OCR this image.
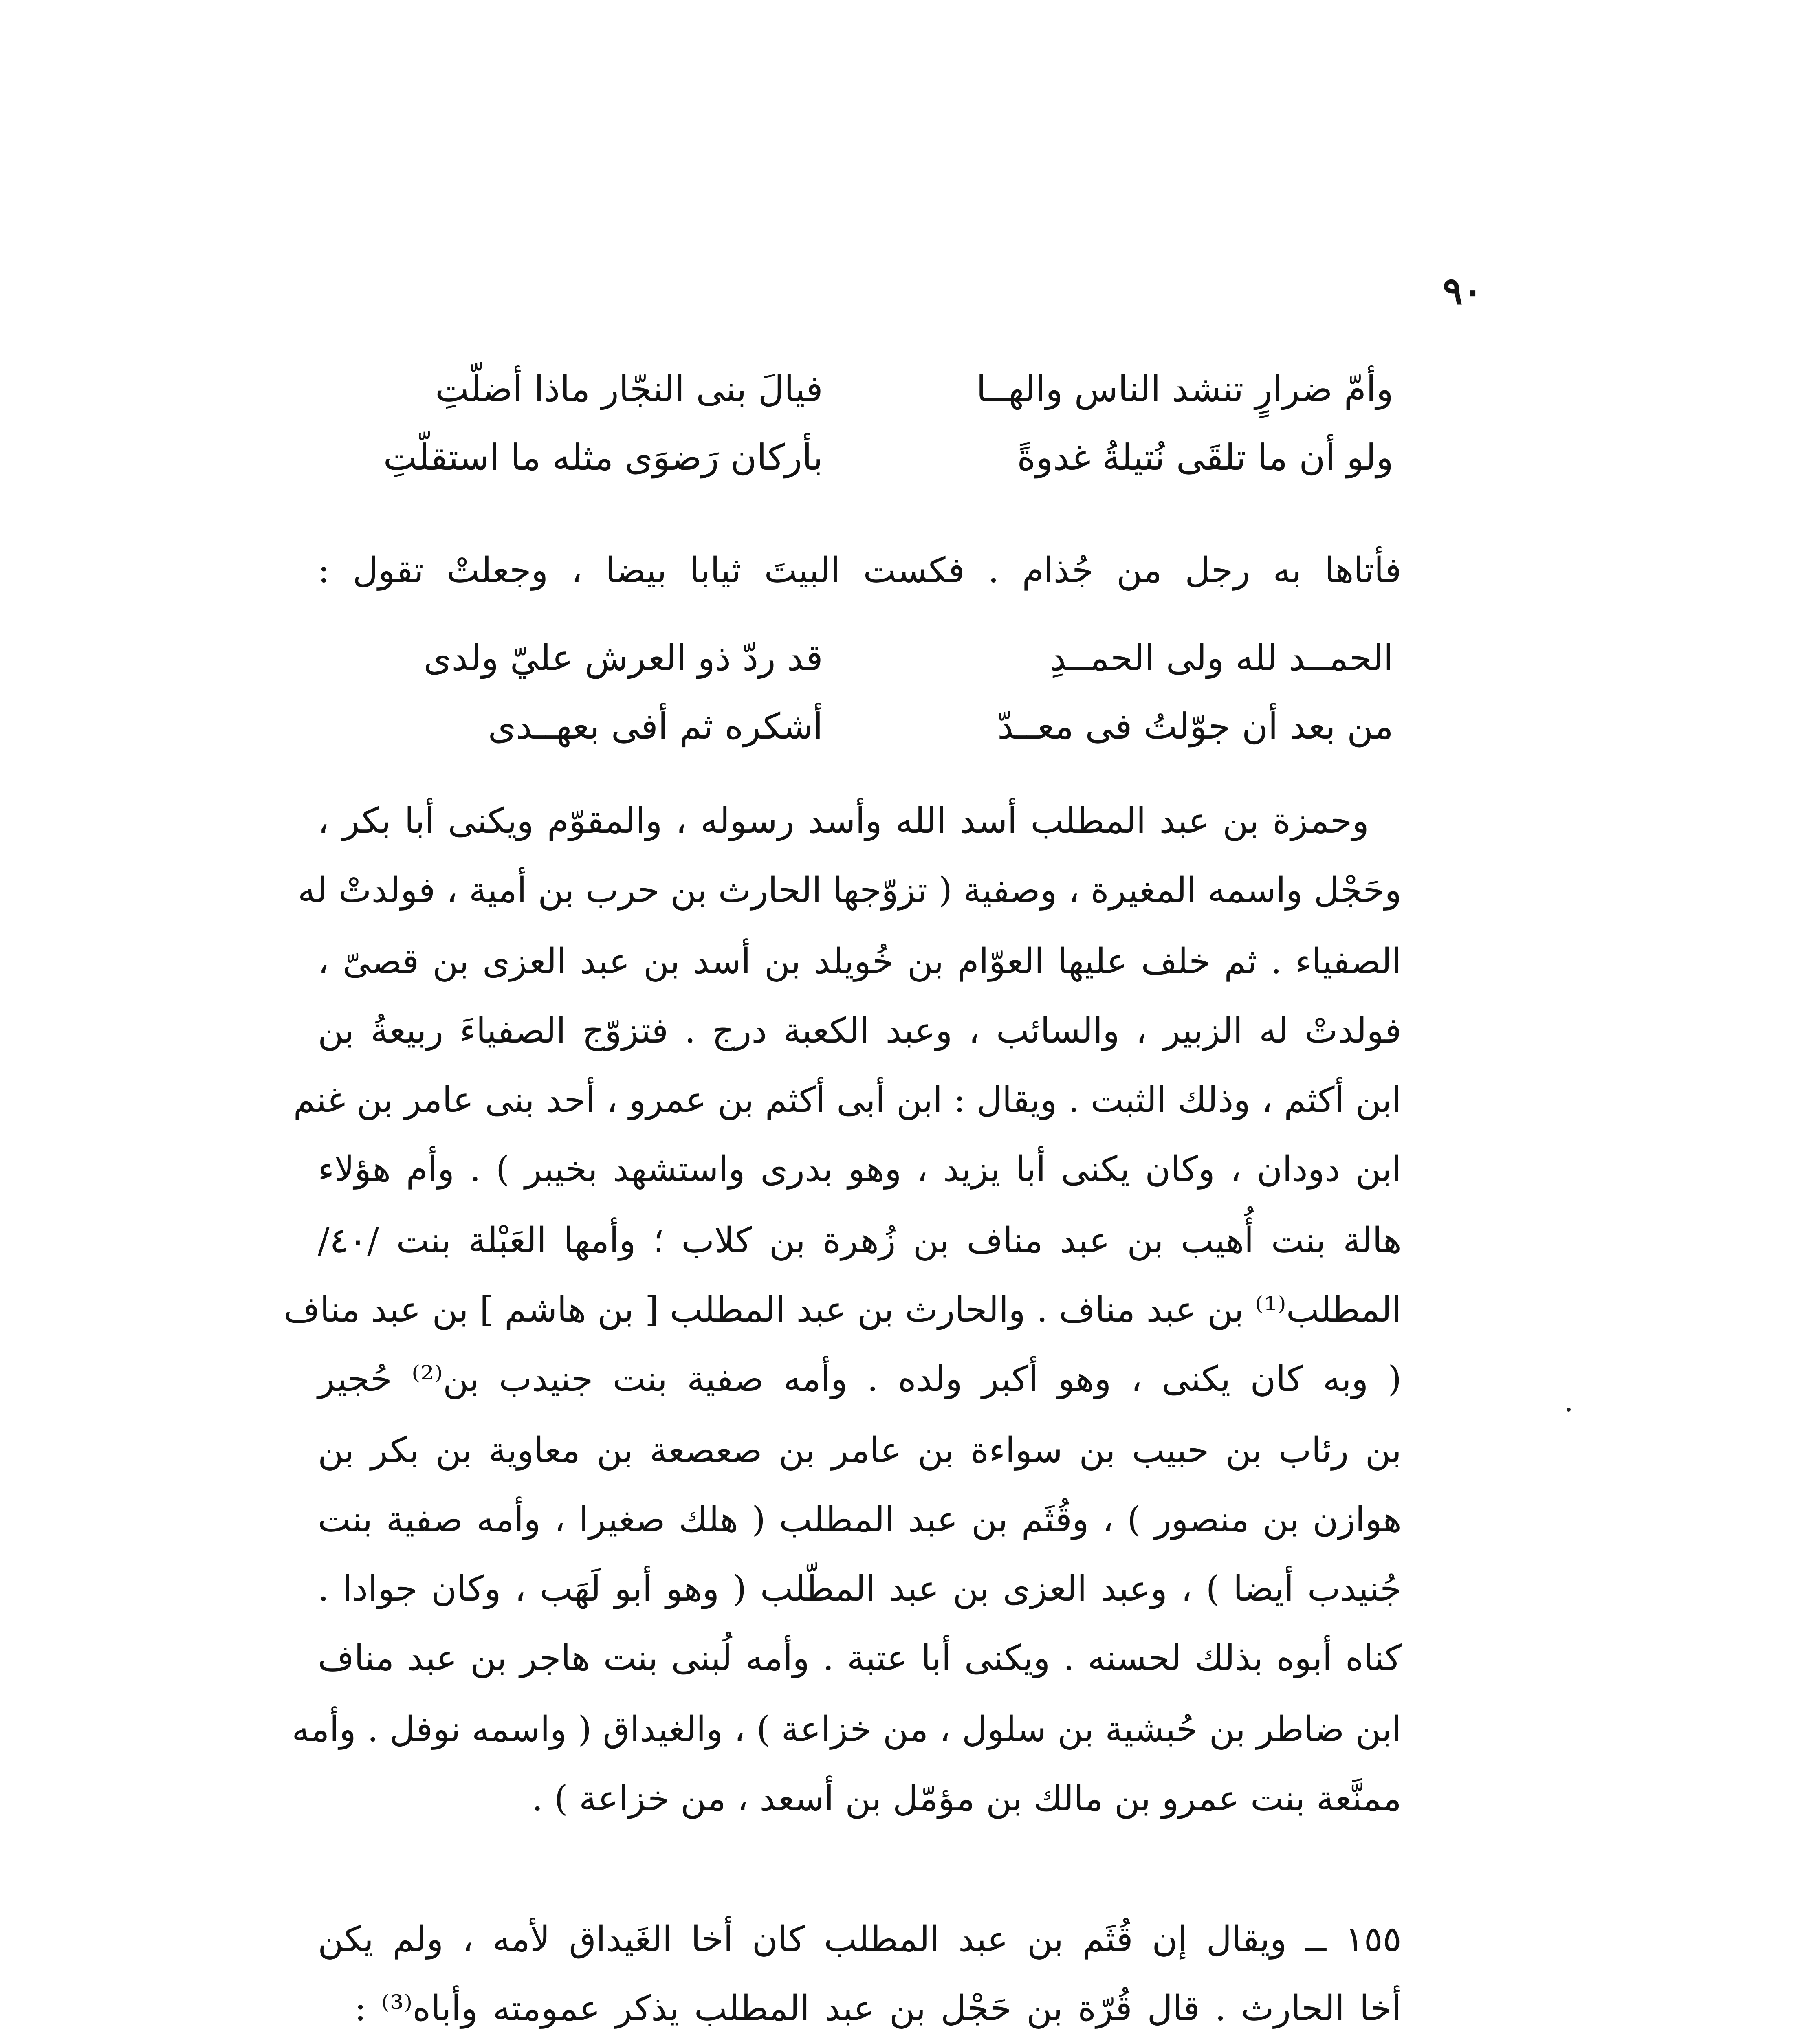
٩٠
وأمّ ضرارٍ تنشد الناس والهــا
فيالَ بنى النجّار ماذا أضلّتِ
ولو أن ما تلقَى نُتيلةُ غدوةً
بأركان رَضوَى مثله ما استقلّتِ
فأتاها به رجل من جُذام . فكست البيتَ ثيابا بيضا ، وجعلتْ تقول :
الحمــد لله ولى الحمــدِ
قد ردّ ذو العرش عليّ ولدى
من بعد أن جوّلتُ فى معــدّ
أشكره ثم أفى بعهــدى
وحمزة بن عبد المطلب أسد الله وأسد رسوله ، والمقوّم ويكنى أبا بكر ،
وحَجْل واسمه المغيرة ، وصفية ( تزوّجها الحارث بن حرب بن أمية ، فولدتْ له
الصفياء . ثم خلف عليها العوّام بن خُويلد بن أسد بن عبد العزى بن قصىّ ،
فولدتْ له الزبير ، والسائب ، وعبد الكعبة درج . فتزوّج الصفياءَ ربيعةُ بن
ابن أكثم ، وذلك الثبت . ويقال : ابن أبى أكثم بن عمرو ، أحد بنى عامر بن غنم
ابن دودان ، وكان يكنى أبا يزيد ، وهو بدرى واستشهد بخيبر ) . وأم هؤلاء
هالة بنت أُهيب بن عبد مناف بن زُهرة بن كلاب ؛ وأمها العَبْلة بنت /٤٠/
المطلب⁽¹⁾ بن عبد مناف . والحارث بن عبد المطلب [ بن هاشم ] بن عبد مناف
( وبه كان يكنى ، وهو أكبر ولده . وأمه صفية بنت جنيدب بن⁽²⁾ حُجير
بن رئاب بن حبيب بن سواءة بن عامر بن صعصعة بن معاوية بن بكر بن
هوازن بن منصور ) ، وقُثَم بن عبد المطلب ( هلك صغيرا ، وأمه صفية بنت
جُنيدب أيضا ) ، وعبد العزى بن عبد المطّلب ( وهو أبو لَهَب ، وكان جوادا .
كناه أبوه بذلك لحسنه . ويكنى أبا عتبة . وأمه لُبنى بنت هاجر بن عبد مناف
ابن ضاطر بن حُبشية بن سلول ، من خزاعة ) ، والغيداق ( واسمه نوفل . وأمه
ممنَّعة بنت عمرو بن مالك بن مؤمّل بن أسعد ، من خزاعة ) .
١٥٥ ــ ويقال إن قُثَم بن عبد المطلب كان أخا الغَيداق لأمه ، ولم يكن
أخا الحارث . قال قُرّة بن حَجْل بن عبد المطلب يذكر عمومته وأباه⁽³⁾ :
